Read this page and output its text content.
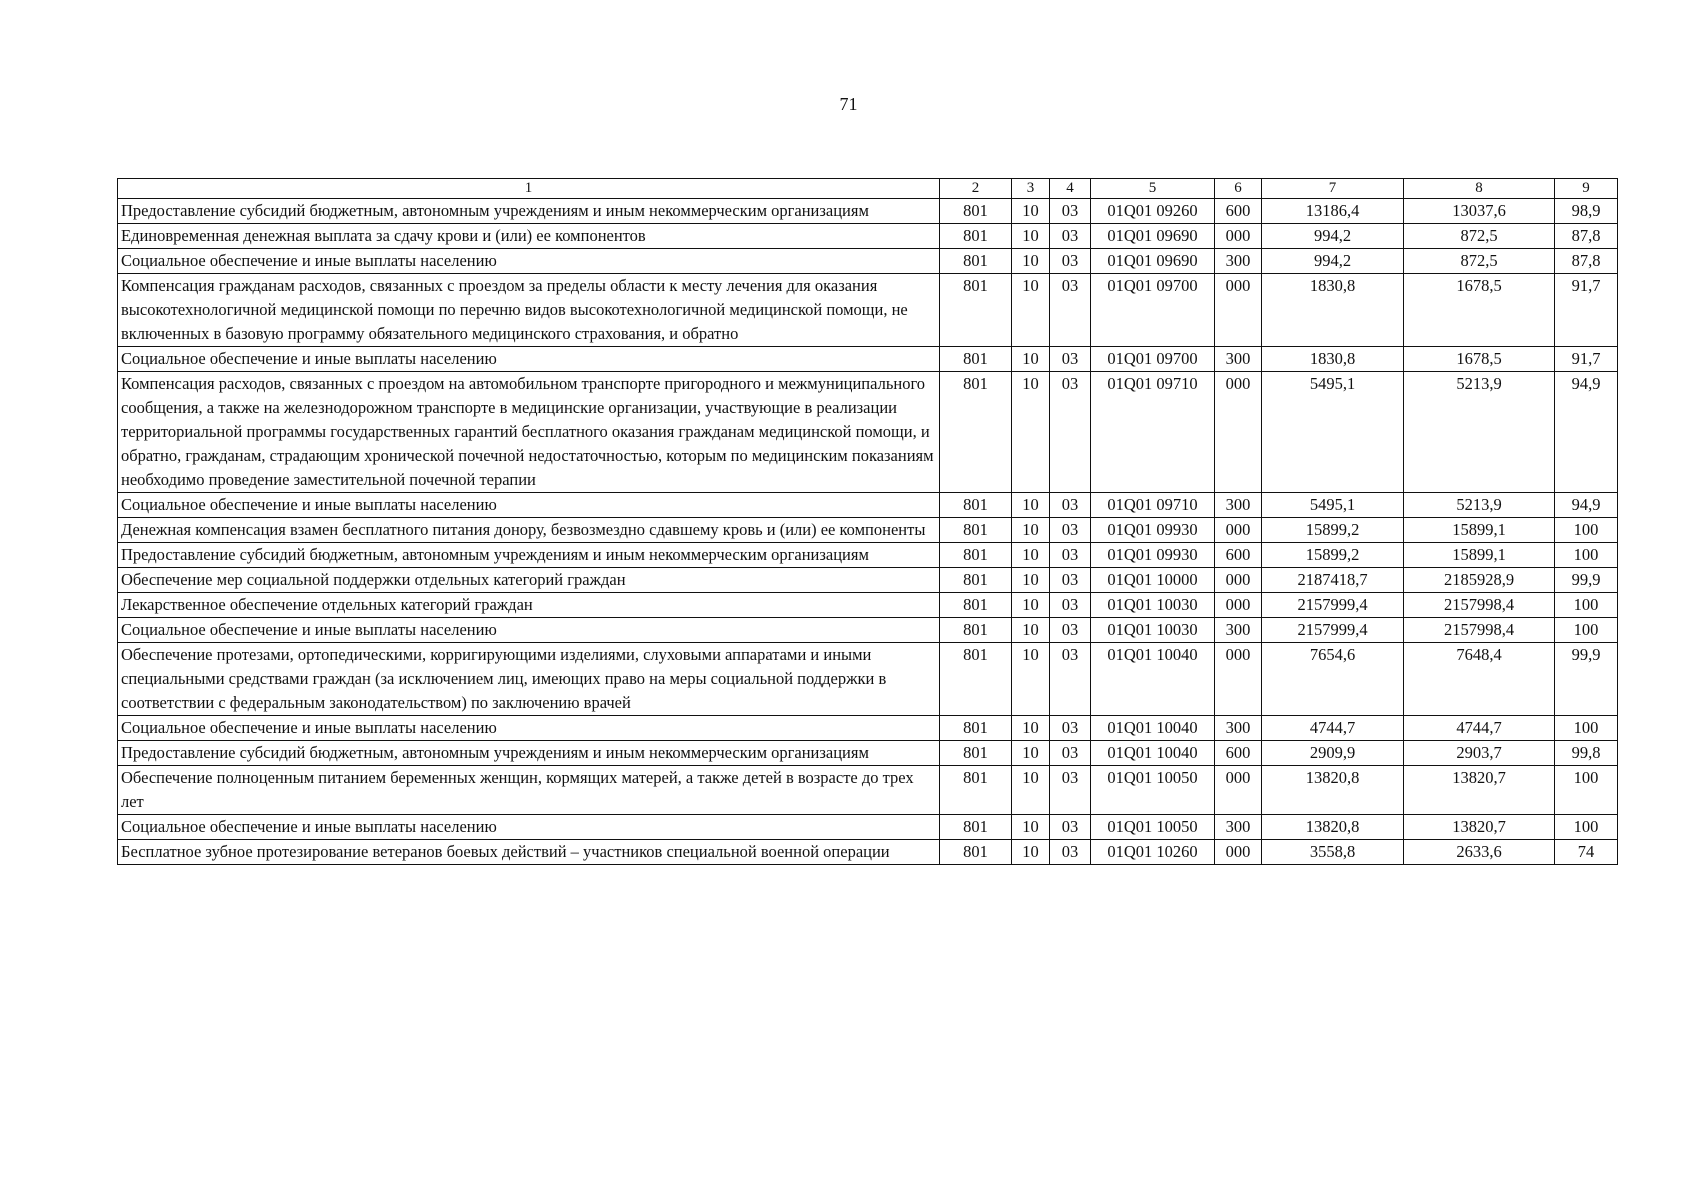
71
1	2	3	4	5	6	7	8	9
Предоставление субсидий бюджетным, автономным учреждениям и иным некоммерческим организациям	801	10	03	01Q01 09260	600	13186,4	13037,6	98,9
Единовременная денежная выплата за сдачу крови и (или) ее компонентов	801	10	03	01Q01 09690	000	994,2	872,5	87,8
Социальное обеспечение и иные выплаты населению	801	10	03	01Q01 09690	300	994,2	872,5	87,8
Компенсация гражданам расходов, связанных с проездом за пределы области к месту лечения для оказания высокотехнологичной медицинской помощи по перечню видов высокотехнологичной медицинской помощи, не включенных в базовую программу обязательного медицинского страхования, и обратно	801	10	03	01Q01 09700	000	1830,8	1678,5	91,7
Социальное обеспечение и иные выплаты населению	801	10	03	01Q01 09700	300	1830,8	1678,5	91,7
Компенсация расходов, связанных с проездом на автомобильном транспорте пригородного и межмуниципального сообщения, а также на железнодорожном транспорте в медицинские организации, участвующие в реализации территориальной программы государственных гарантий бесплатного оказания гражданам медицинской помощи, и обратно, гражданам, страдающим хронической почечной недостаточностью, которым по медицинским показаниям необходимо проведение заместительной почечной терапии	801	10	03	01Q01 09710	000	5495,1	5213,9	94,9
Социальное обеспечение и иные выплаты населению	801	10	03	01Q01 09710	300	5495,1	5213,9	94,9
Денежная компенсация взамен бесплатного питания донору, безвозмездно сдавшему кровь и (или) ее компоненты	801	10	03	01Q01 09930	000	15899,2	15899,1	100
Предоставление субсидий бюджетным, автономным учреждениям и иным некоммерческим организациям	801	10	03	01Q01 09930	600	15899,2	15899,1	100
Обеспечение мер социальной поддержки отдельных категорий граждан	801	10	03	01Q01 10000	000	2187418,7	2185928,9	99,9
Лекарственное обеспечение отдельных категорий граждан	801	10	03	01Q01 10030	000	2157999,4	2157998,4	100
Социальное обеспечение и иные выплаты населению	801	10	03	01Q01 10030	300	2157999,4	2157998,4	100
Обеспечение протезами, ортопедическими, корригирующими изделиями, слуховыми аппаратами и иными специальными средствами граждан (за исключением лиц, имеющих право на меры социальной поддержки в соответствии с федеральным законодательством) по заключению врачей	801	10	03	01Q01 10040	000	7654,6	7648,4	99,9
Социальное обеспечение и иные выплаты населению	801	10	03	01Q01 10040	300	4744,7	4744,7	100
Предоставление субсидий бюджетным, автономным учреждениям и иным некоммерческим организациям	801	10	03	01Q01 10040	600	2909,9	2903,7	99,8
Обеспечение полноценным питанием беременных женщин, кормящих матерей, а также детей в возрасте до трех лет	801	10	03	01Q01 10050	000	13820,8	13820,7	100
Социальное обеспечение и иные выплаты населению	801	10	03	01Q01 10050	300	13820,8	13820,7	100
Бесплатное зубное протезирование ветеранов боевых действий – участников специальной военной операции	801	10	03	01Q01 10260	000	3558,8	2633,6	74
